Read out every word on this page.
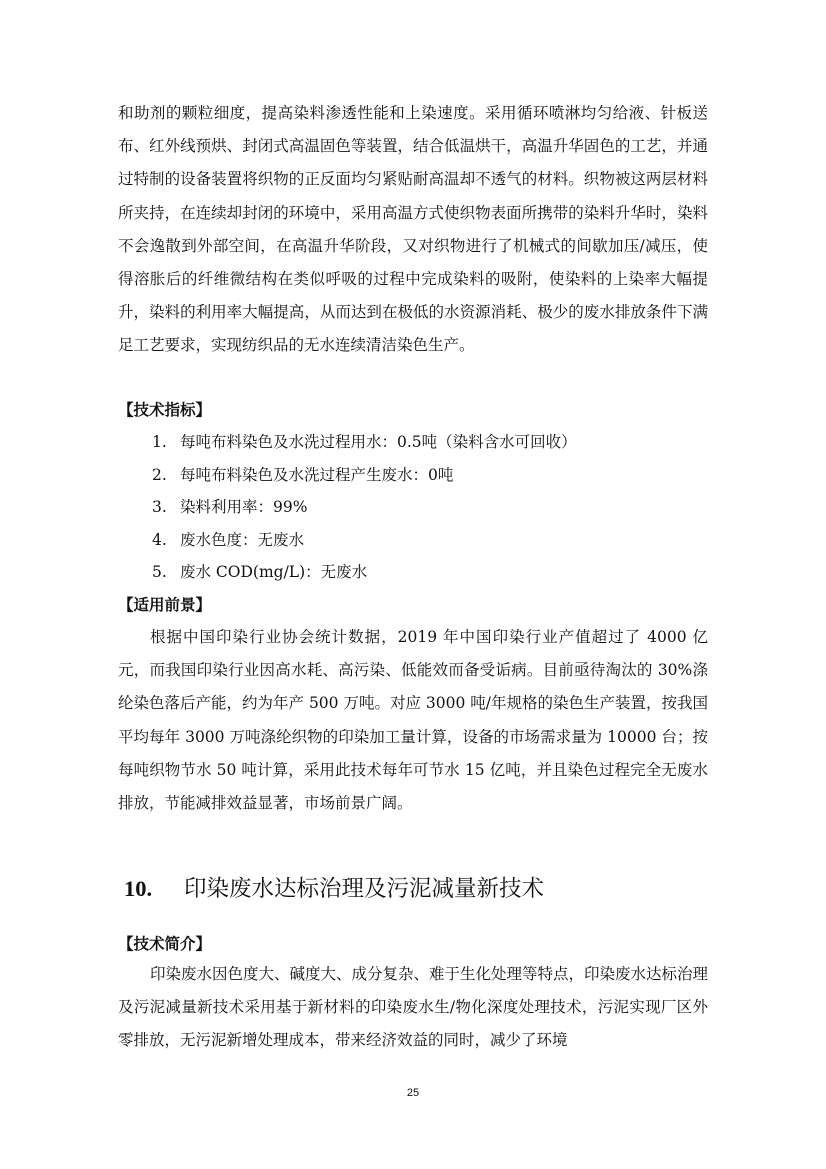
和助剂的颗粒细度，提高染料渗透性能和上染速度。采用循环喷淋均匀给液、针板送布、红外线预烘、封闭式高温固色等装置，结合低温烘干，高温升华固色的工艺，并通过特制的设备装置将织物的正反面均匀紧贴耐高温却不透气的材料。织物被这两层材料所夹持，在连续却封闭的环境中，采用高温方式使织物表面所携带的染料升华时，染料不会逸散到外部空间，在高温升华阶段，又对织物进行了机械式的间歇加压/减压，使得溶胀后的纤维微结构在类似呼吸的过程中完成染料的吸附，使染料的上染率大幅提升，染料的利用率大幅提高，从而达到在极低的水资源消耗、极少的废水排放条件下满足工艺要求，实现纺织品的无水连续清洁染色生产。

【技术指标】
1. 每吨布料染色及水洗过程用水：0.5吨（染料含水可回收）
2. 每吨布料染色及水洗过程产生废水：0吨
3. 染料利用率：99%
4. 废水色度：无废水
5. 废水 COD(mg/L)：无废水
【适用前景】

根据中国印染行业协会统计数据，2019 年中国印染行业产值超过了 4000 亿元，而我国印染行业因高水耗、高污染、低能效而备受诟病。目前亟待淘汰的 30%涤纶染色落后产能，约为年产 500 万吨。对应 3000 吨/年规格的染色生产装置，按我国平均每年 3000 万吨涤纶织物的印染加工量计算，设备的市场需求量为 10000 台；按每吨织物节水 50 吨计算，采用此技术每年可节水 15 亿吨，并且染色过程完全无废水排放，节能减排效益显著，市场前景广阔。

10. 印染废水达标治理及污泥减量新技术
【技术简介】

印染废水因色度大、碱度大、成分复杂、难于生化处理等特点，印染废水达标治理及污泥减量新技术采用基于新材料的印染废水生/物化深度处理技术，污泥实现厂区外零排放，无污泥新增处理成本，带来经济效益的同时，减少了环境

25
